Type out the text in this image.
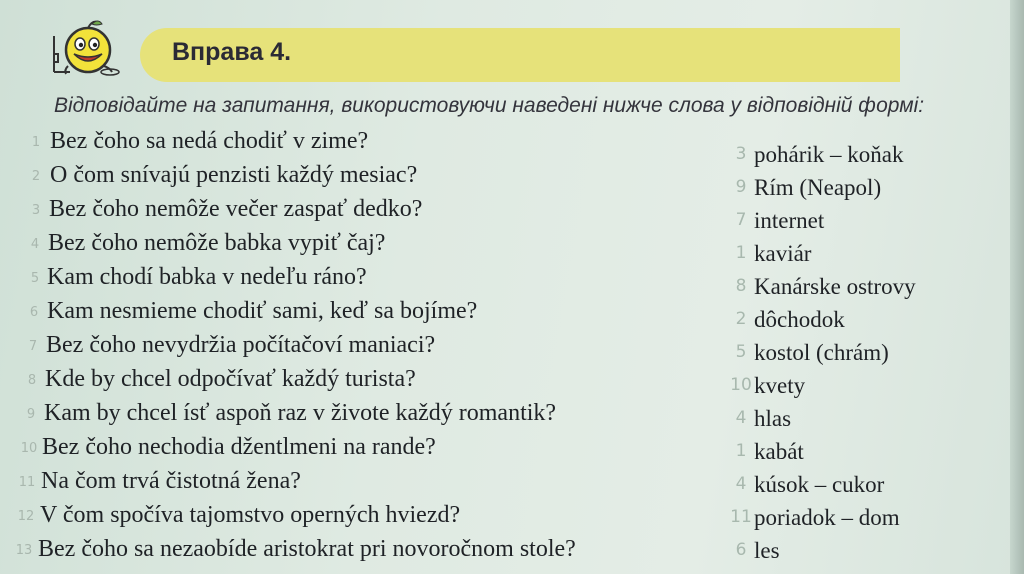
Вправа 4.
Відповідайте на запитання, використовуючи наведені нижче слова у відповідній формі:
1 Bez čoho sa nedá chodiť v zime?
2 O čom snívajú penzisti každý mesiac?
3 Bez čoho nemôže večer zaspať dedko?
4 Bez čoho nemôže babka vypiť čaj?
5 Kam chodí babka v nedeľu ráno?
6 Kam nesmieme chodiť sami, keď sa bojíme?
7 Bez čoho nevydržia počítačoví maniaci?
8 Kde by chcel odpočívať každý turista?
9 Kam by chcel ísť aspoň raz v živote každý romantik?
10 Bez čoho nechodia džentlmeni na rande?
11 Na čom trvá čistotná žena?
12 V čom spočíva tajomstvo operných hviezd?
13 Bez čoho sa nezaobíde aristokrat pri novoročnom stole?
3 pohárik – koňak
9 Rím (Neapol)
7 internet
1 kaviár
8 Kanárske ostrovy
2 dôchodok
5 kostol (chrám)
10 kvety
4 hlas
1 kabát
4 kúsok – cukor
11 poriadok – dom
6 les
